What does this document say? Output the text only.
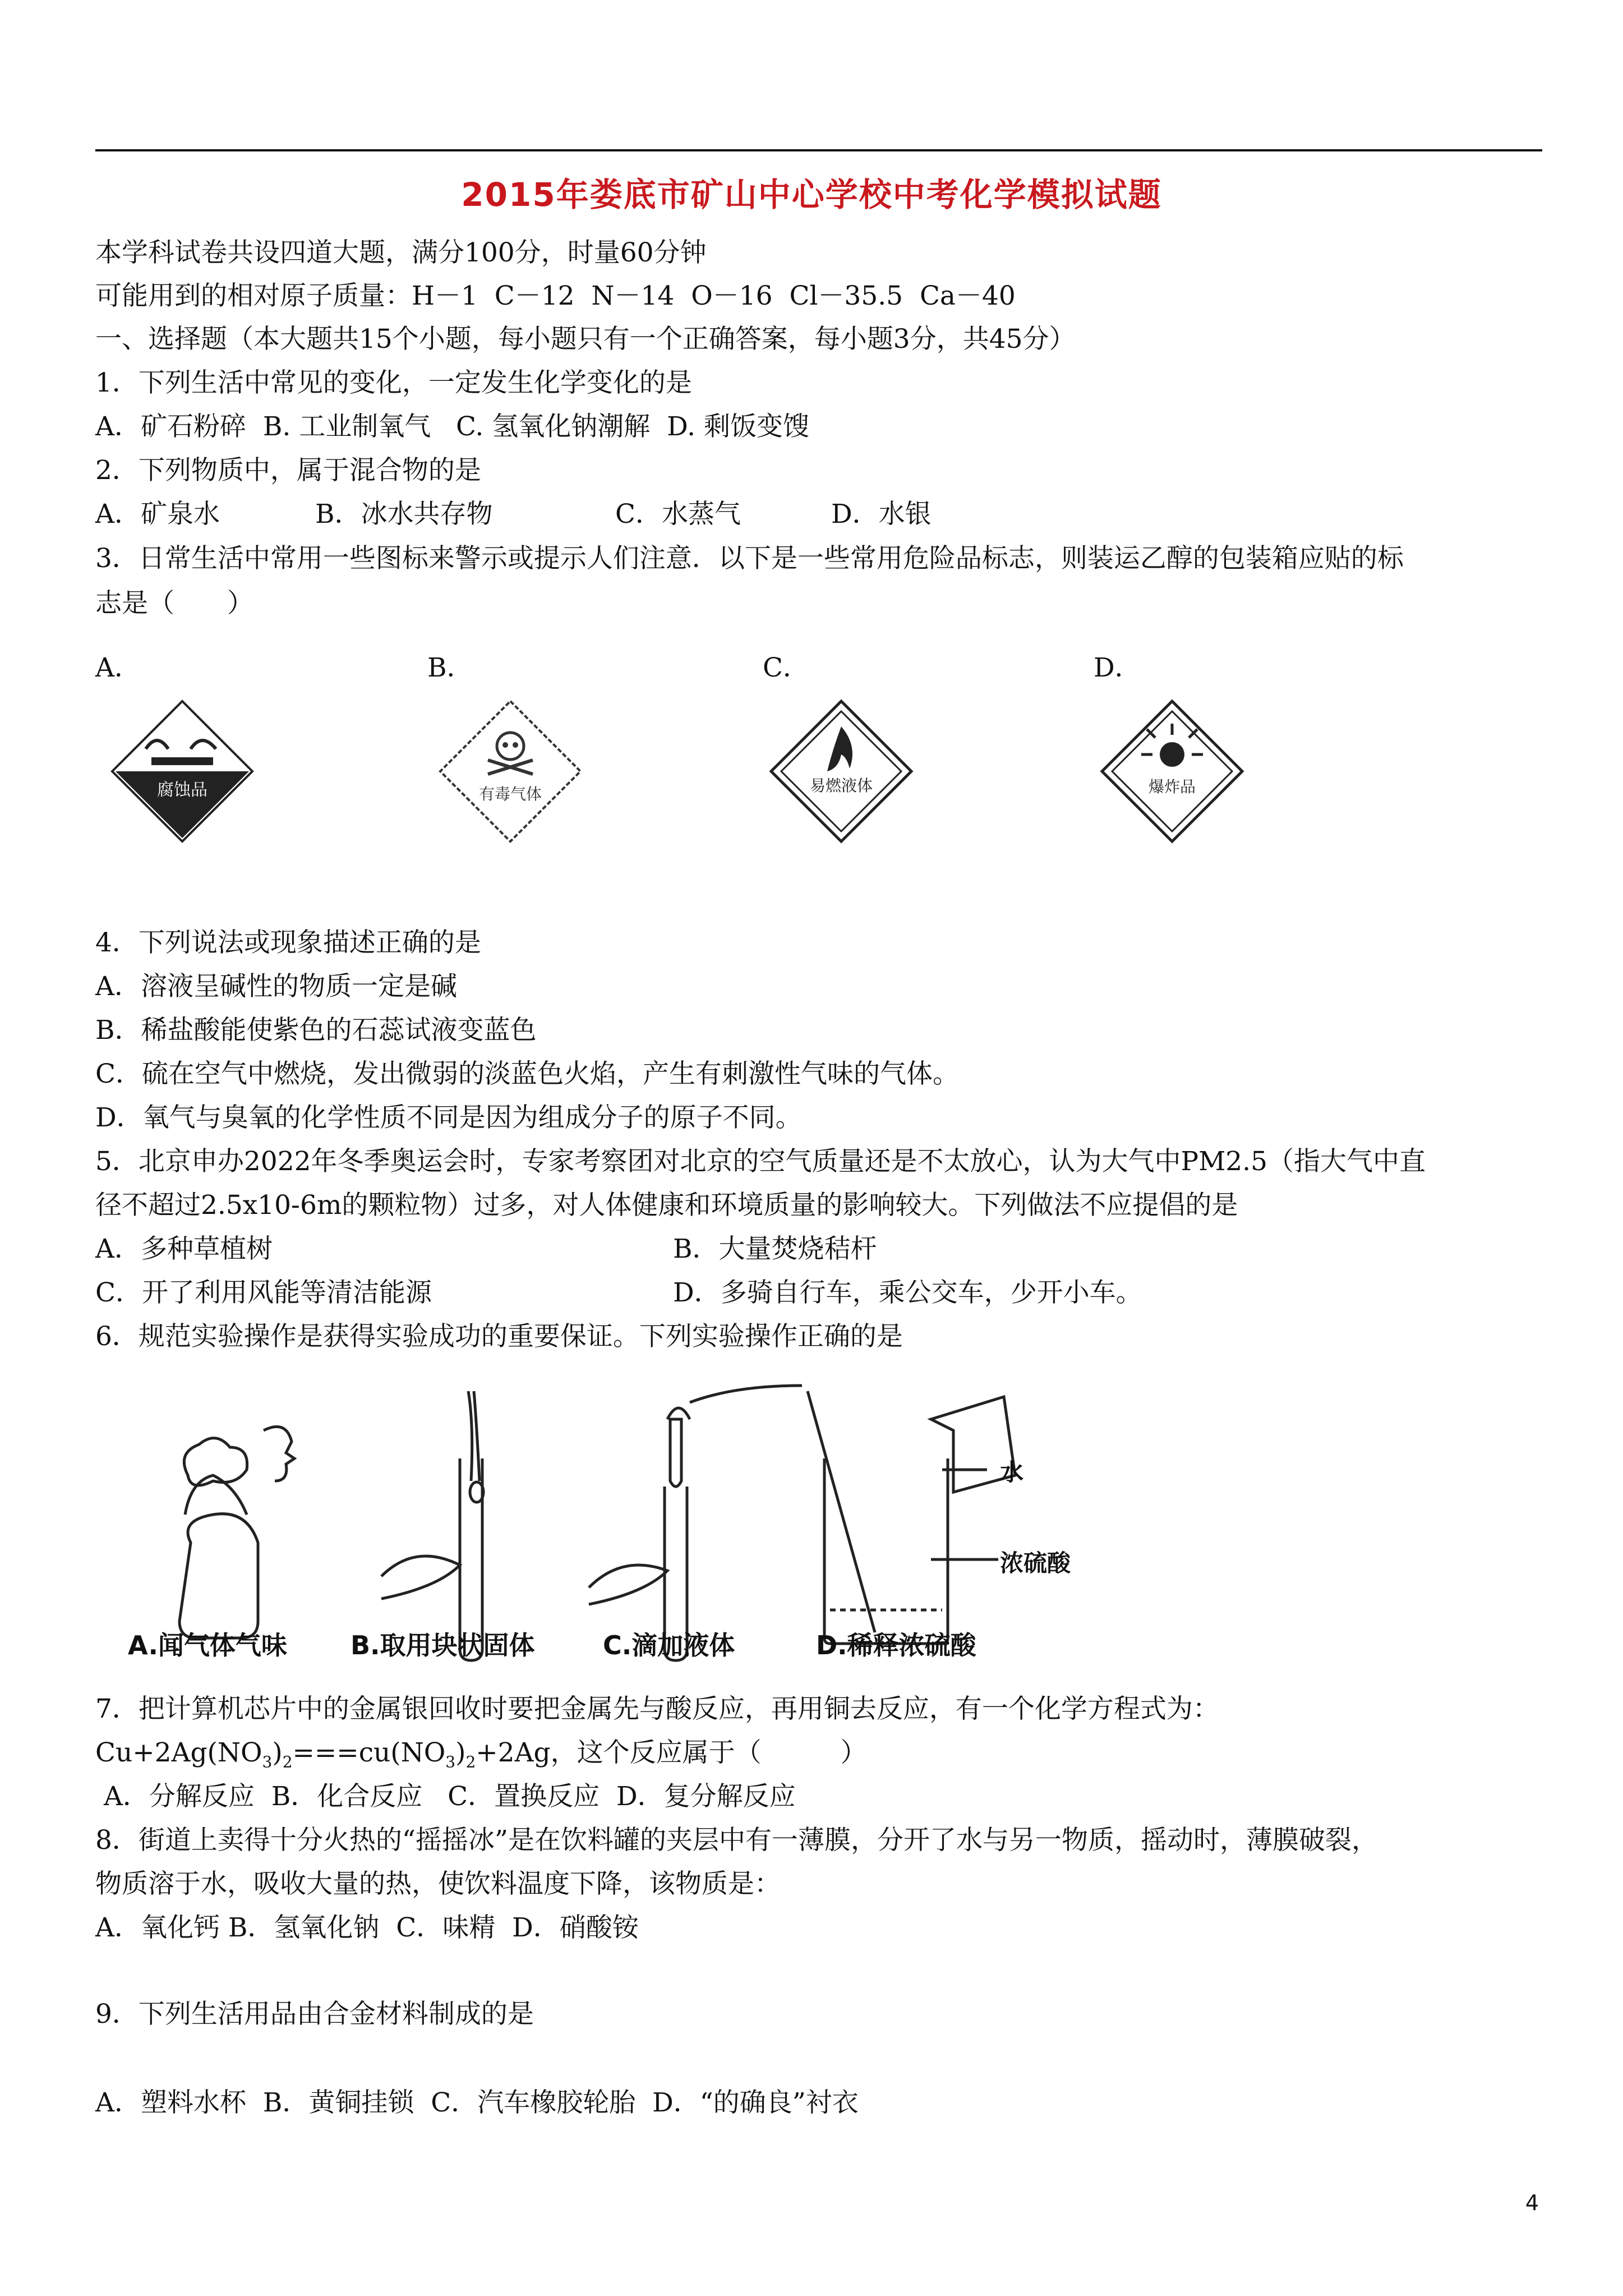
2015年娄底市矿山中心学校中考化学模拟试题
本学科试卷共设四道大题，满分100分，时量60分钟
可能用到的相对原子质量：H－1  C－12  N－14  O－16  Cl－35.5  Ca－40
一、选择题（本大题共15个小题，每小题只有一个正确答案，每小题3分，共45分）
1．下列生活中常见的变化，一定发生化学变化的是
A．矿石粉碎  B. 工业制氧气   C. 氢氧化钠潮解  D. 剩饭变馊
2．下列物质中，属于混合物的是
A．矿泉水	B．冰水共存物	C．水蒸气	D．水银
3．日常生活中常用一些图标来警示或提示人们注意．以下是一些常用危险品标志，则装运乙醇的包装箱应贴的标
志是（　　）
A．	B．	C．	D．
腐蚀品	有毒气体	易燃液体	爆炸品
4．下列说法或现象描述正确的是
A．溶液呈碱性的物质一定是碱
B．稀盐酸能使紫色的石蕊试液变蓝色
C．硫在空气中燃烧，发出微弱的淡蓝色火焰，产生有刺激性气味的气体。
D．氧气与臭氧的化学性质不同是因为组成分子的原子不同。
5．北京申办2022年冬季奥运会时，专家考察团对北京的空气质量还是不太放心，认为大气中PM2.5（指大气中直
径不超过2.5x10-6m的颗粒物）过多，对人体健康和环境质量的影响较大。下列做法不应提倡的是
A．多种草植树	B．大量焚烧秸杆
C．开了利用风能等清洁能源	D．多骑自行车，乘公交车，少开小车。
6．规范实验操作是获得实验成功的重要保证。下列实验操作正确的是
水
浓硫酸
A.闻气体气味 B.取用块状固体	C.滴加液体	D.稀释浓硫酸
7．把计算机芯片中的金属银回收时要把金属先与酸反应，再用铜去反应，有一个化学方程式为：
$Cu+2Ag(NO_3)_2===cu(NO_3)_2+2Ag$，这个反应属于（　　　）
A．分解反应  B．化合反应   C．置换反应  D．复分解反应
8．街道上卖得十分火热的“摇摇冰”是在饮料罐的夹层中有一薄膜，分开了水与另一物质，摇动时，薄膜破裂，
物质溶于水，吸收大量的热，使饮料温度下降，该物质是：
A．氧化钙 B．氢氧化钠  C．味精  D．硝酸铵
9．下列生活用品由合金材料制成的是
A．塑料水杯  B．黄铜挂锁  C．汽车橡胶轮胎  D．“的确良”衬衣
4
